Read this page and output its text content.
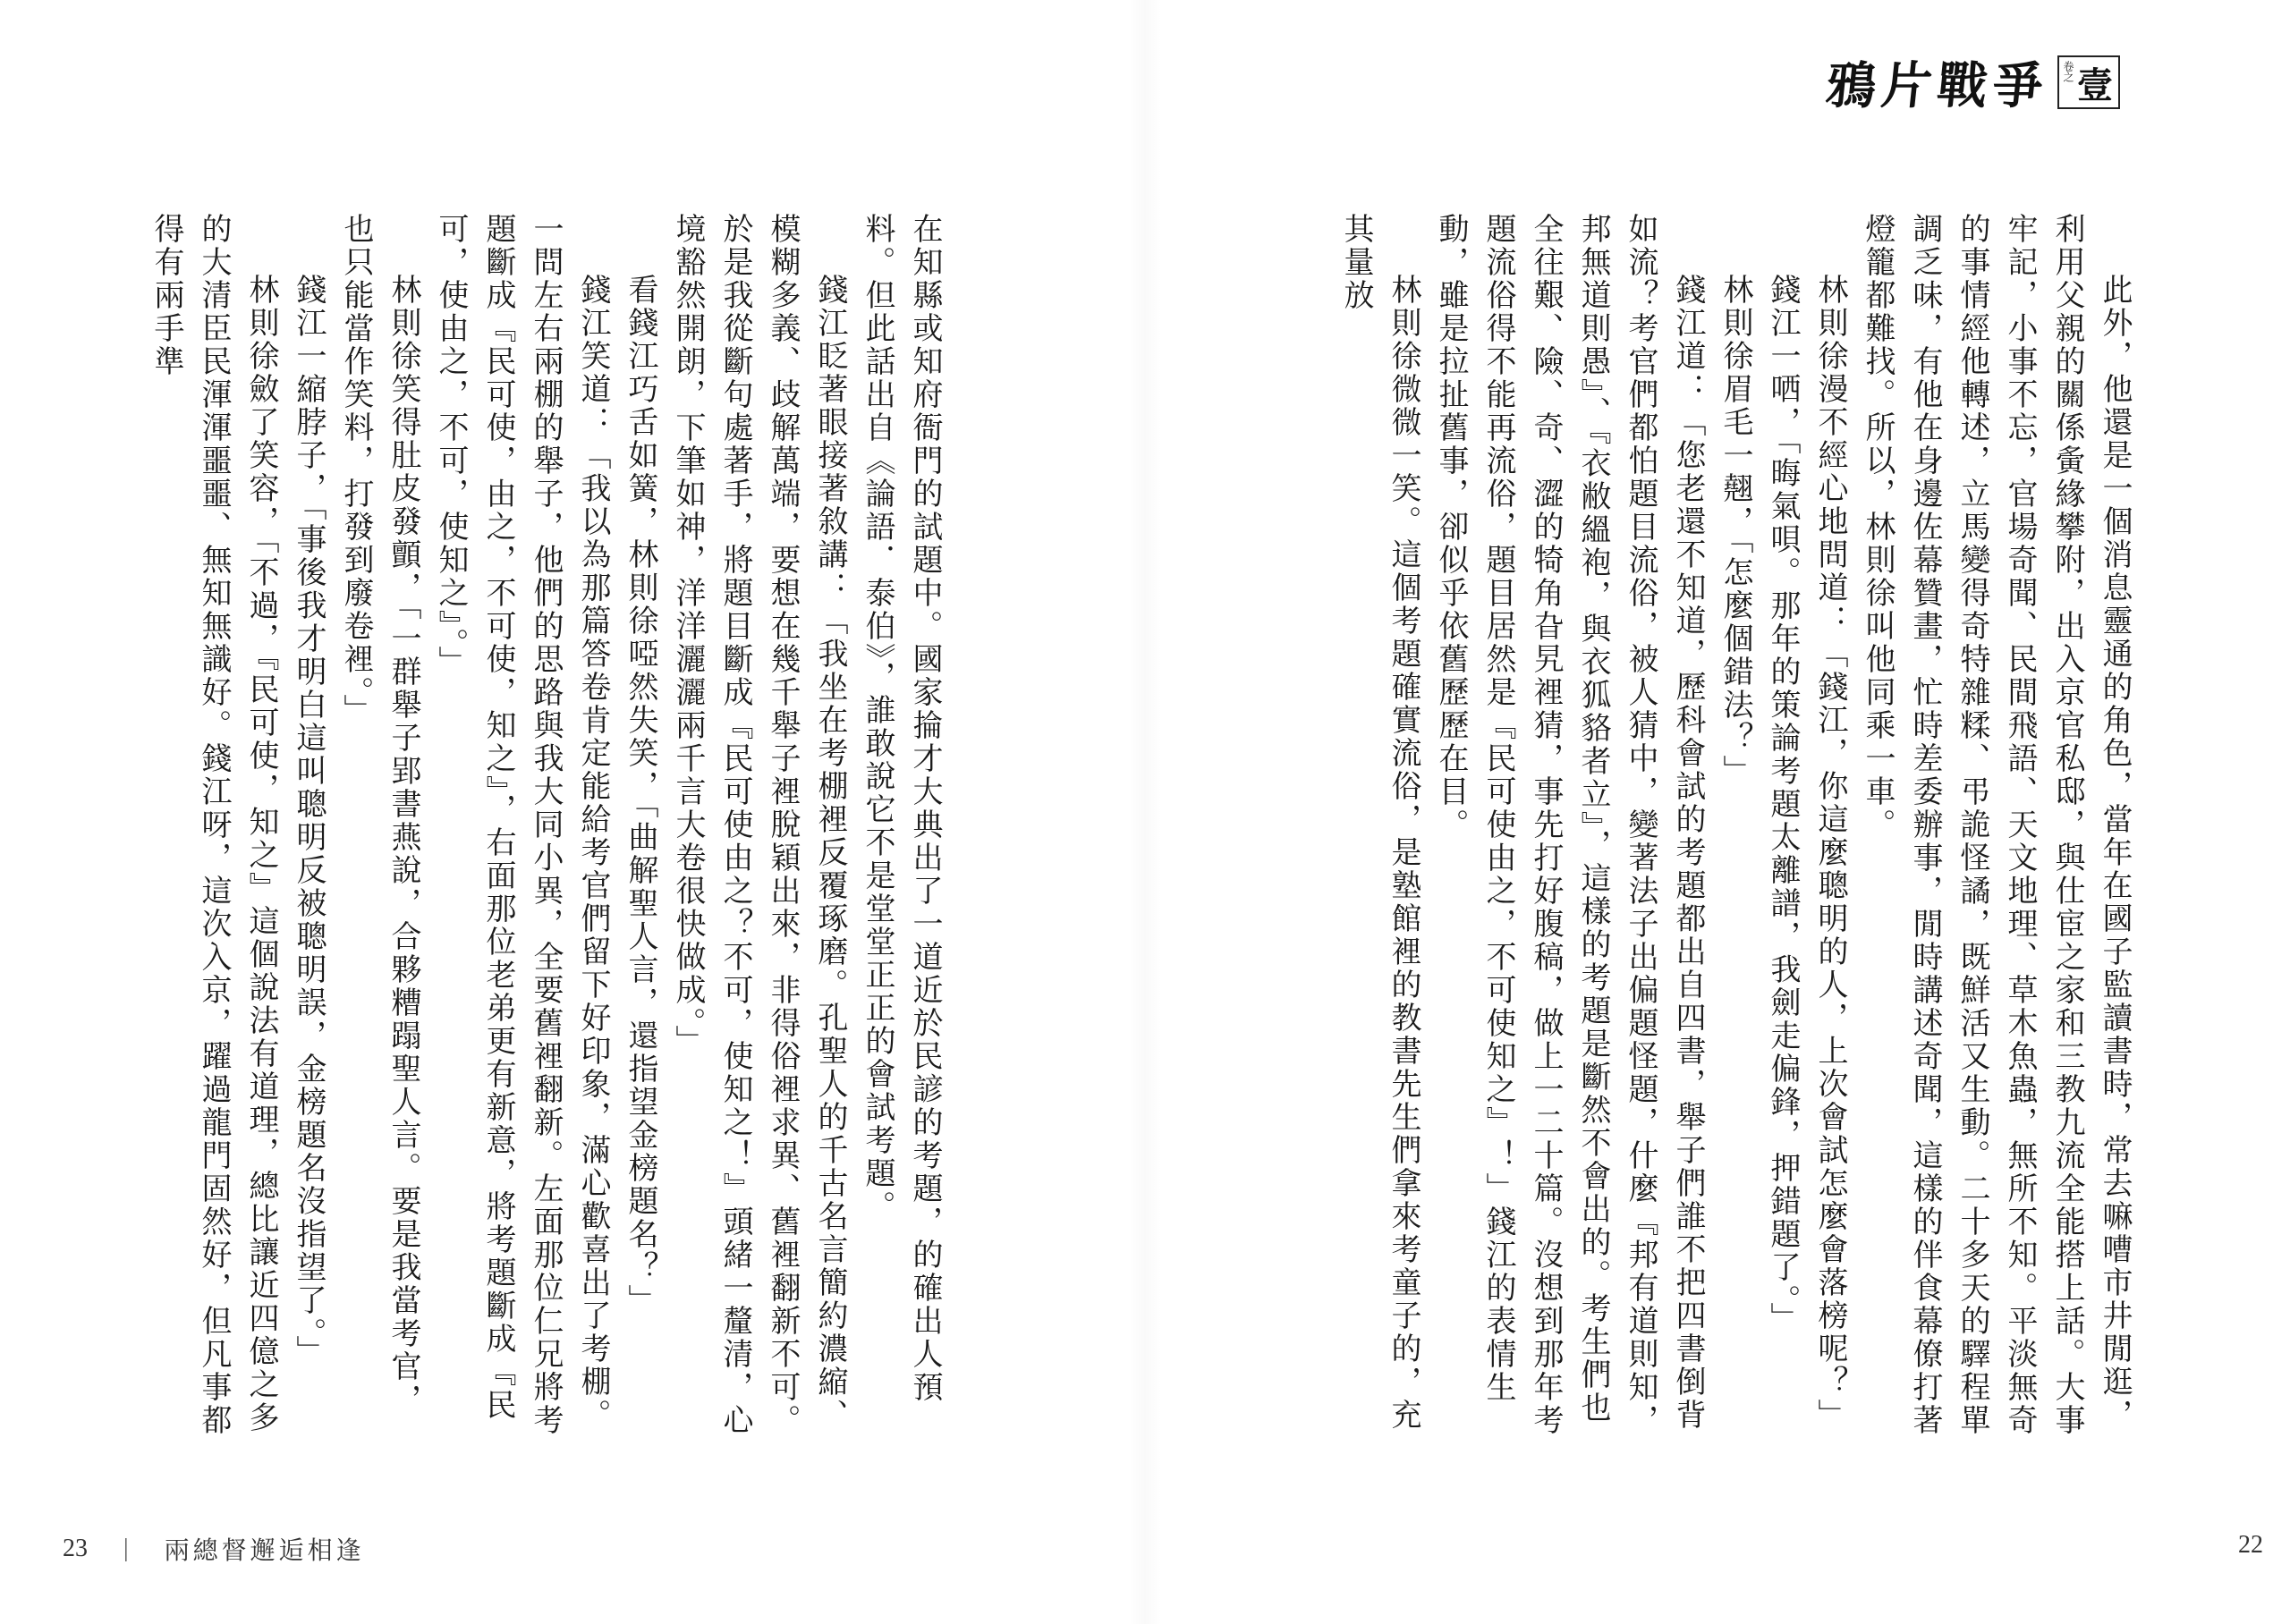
在知縣或知府衙門的試題中。國家掄才大典出了一道近於民諺的考題，的確出人預料。但此話出自《論語．泰伯》，誰敢說它不是堂堂正正的會試考題。

錢江眨著眼接著敘講：「我坐在考棚裡反覆琢磨。孔聖人的千古名言簡約濃縮、模糊多義、歧解萬端，要想在幾千舉子裡脫穎出來，非得俗裡求異、舊裡翻新不可。於是我從斷句處著手，將題目斷成『民可使由之？不可，使知之！』頭緒一釐清，心境豁然開朗，下筆如神，洋洋灑灑兩千言大卷很快做成。」

看錢江巧舌如簧，林則徐啞然失笑，「曲解聖人言，還指望金榜題名？」

錢江笑道：「我以為那篇答卷肯定能給考官們留下好印象，滿心歡喜出了考棚。一問左右兩棚的舉子，他們的思路與我大同小異，全要舊裡翻新。左面那位仁兄將考題斷成『民可使，由之，不可使，知之』，右面那位老弟更有新意，將考題斷成『民可，使由之，不可，使知之』。」

林則徐笑得肚皮發顫，「一群舉子郢書燕說，合夥糟蹋聖人言。要是我當考官，也只能當作笑料，打發到廢卷裡。」

錢江一縮脖子，「事後我才明白這叫聰明反被聰明誤，金榜題名沒指望了。」

林則徐斂了笑容，「不過，『民可使，知之』這個說法有道理，總比讓近四億之多的大清臣民渾渾噩噩、無知無識好。錢江呀，這次入京，躍過龍門固然好，但凡事都得有兩手準

23 | 兩總督邂逅相逢
鴉片戰爭 卷之 壹

此外，他還是一個消息靈通的角色，當年在國子監讀書時，常去嘛嘈市井閒逛，利用父親的關係夤緣攀附，出入京官私邸，與仕宦之家和三教九流全能搭上話。大事牢記，小事不忘，官場奇聞、民間飛語、天文地理、草木魚蟲，無所不知。平淡無奇的事情經他轉述，立馬變得奇特雜糅、弔詭怪譎，既鮮活又生動。二十多天的驛程單調乏味，有他在身邊佐幕贊畫，忙時差委辦事，閒時講述奇聞，這樣的伴食幕僚打著燈籠都難找。所以，林則徐叫他同乘一車。

林則徐漫不經心地問道：「錢江，你這麼聰明的人，上次會試怎麼會落榜呢？」

錢江一哂，「晦氣唄。那年的策論考題太離譜，我劍走偏鋒，押錯題了。」

林則徐眉毛一翹，「怎麼個錯法？」

錢江道：「您老還不知道，歷科會試的考題都出自四書，舉子們誰不把四書倒背如流？考官們都怕題目流俗，被人猜中，變著法子出偏題怪題，什麼『邦有道則知，邦無道則愚』、『衣敝縕袍，與衣狐貉者立』，這樣的考題是斷然不會出的。考生們也全往艱、險、奇、澀的犄角旮旯裡猜，事先打好腹稿，做上一二十篇。沒想到那年考題流俗得不能再流俗，題目居然是『民可使由之，不可使知之』！」錢江的表情生動，雖是拉扯舊事，卻似乎依舊歷歷在目。

林則徐微微一笑。這個考題確實流俗，是塾館裡的教書先生們拿來考童子的，充其量放

22
